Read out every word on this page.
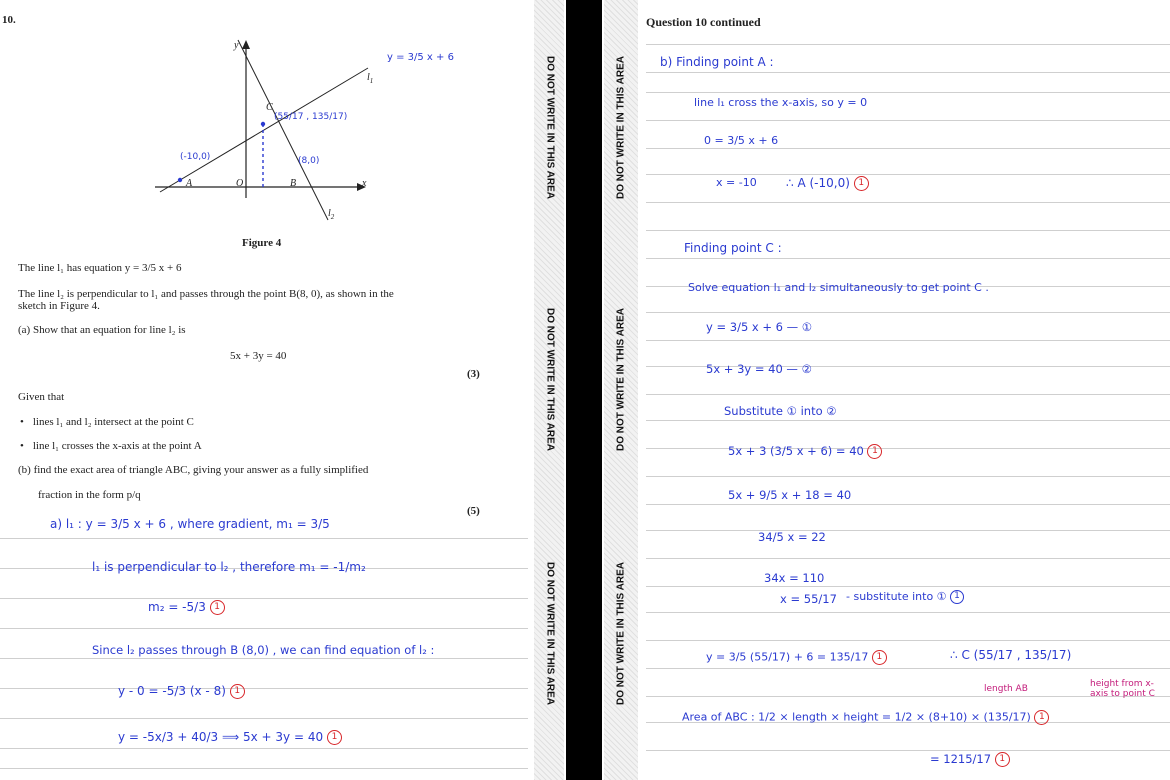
10.
y
x
C
O
A	B
$l_1$
$l_2$
y = 3/5 x + 6
(55/17 , 135/17)
(-10,0)	(8,0)
Figure 4
The line l₁ has equation y = 3/5 x + 6
The line l₂ is perpendicular to l₁ and passes through the point B(8, 0), as shown in the
sketch in Figure 4.
(a) Show that an equation for line l₂ is
5x + 3y = 40
(3)
Given that
• lines l₁ and l₂ intersect at the point C
• line l₁ crosses the x-axis at the point A
(b) find the exact area of triangle ABC, giving your answer as a fully simplified
fraction in the form p/q
(5)
a) l₁ : y = 3/5 x + 6 , where gradient, m₁ = 3/5
l₁ is perpendicular to l₂ , therefore m₁ = -1/m₂
m₂ = -5/3 1
Since l₂ passes through B (8,0) , we can find equation of l₂ :
y - 0 = -5/3 (x - 8) 1
y = -5x/3 + 40/3 ⟹ 5x + 3y = 40 1
DO NOT WRITE IN THIS AREA
DO NOT WRITE IN THIS AREA
DO NOT WRITE IN THIS AREA
DO NOT WRITE IN THIS AREA
DO NOT WRITE IN THIS AREA
DO NOT WRITE IN THIS AREA
Question 10 continued
b) Finding point A :
line l₁ cross the x-axis, so y = 0
0 = 3/5 x + 6
x = -10 ∴ A (-10,0) 1
Finding point C :
Solve equation l₁ and l₂ simultaneously to get point C .
y = 3/5 x + 6 — ①
5x + 3y = 40 — ②
Substitute ① into ②
5x + 3 (3/5 x + 6) = 40 1
5x + 9/5 x + 18 = 40
34/5 x = 22
34x = 110
x = 55/17 - substitute into ① 1
y = 3/5 (55/17) + 6 = 135/17 1	∴ C (55/17 , 135/17)
length AB	height from x-axis to point C
Area of ABC : 1/2 × length × height = 1/2 × (8+10) × (135/17) 1
= 1215/17 1
